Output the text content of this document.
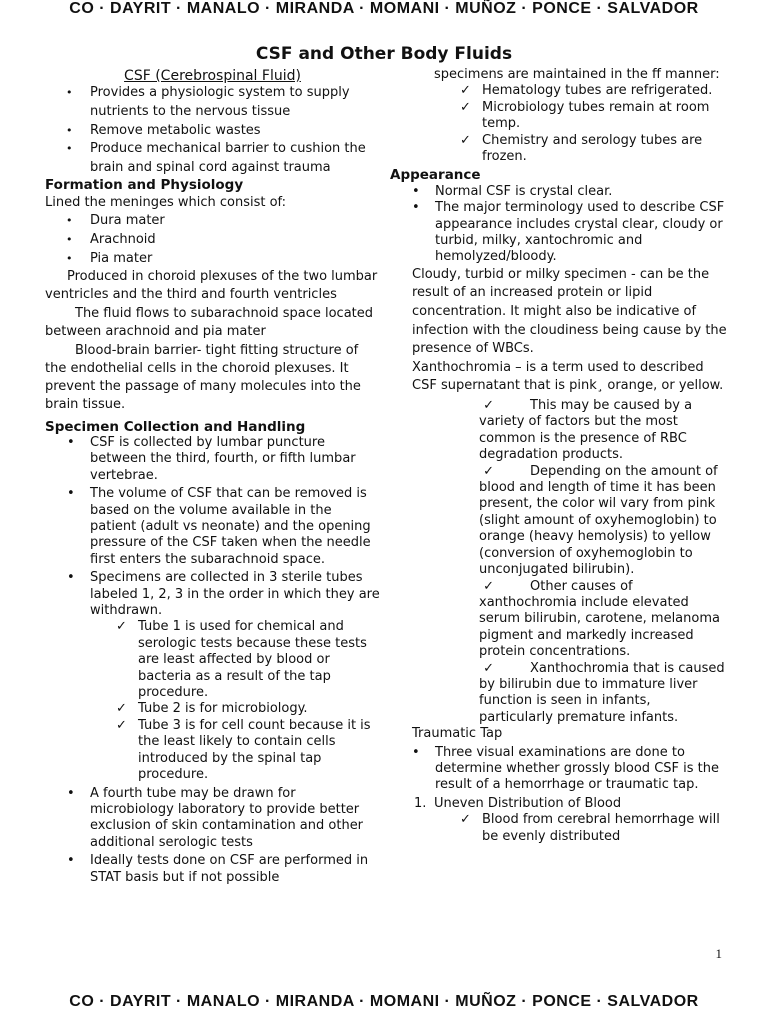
CO · DAYRIT · MANALO · MIRANDA · MOMANI · MUÑOZ · PONCE · SALVADOR
CSF and Other Body Fluids

CSF (Cerebrospinal Fluid)

• Provides a physiologic system to supply nutrients to the nervous tissue
• Remove metabolic wastes
• Produce mechanical barrier to cushion the brain and spinal cord against trauma

Formation and Physiology

Lined the meninges which consist of:

• Dura mater
• Arachnoid
• Pia mater

Produced in choroid plexuses of the two lumbar ventricles and the third and fourth ventricles

The fluid flows to subarachnoid space located between arachnoid and pia mater

Blood-brain barrier- tight fitting structure of the endothelial cells in the choroid plexuses. It prevent the passage of many molecules into the brain tissue.

Specimen Collection and Handling

• CSF is collected by lumbar puncture between the third, fourth, or fifth lumbar vertebrae.
• The volume of CSF that can be removed is based on the volume available in the patient (adult vs neonate) and the opening pressure of the CSF taken when the needle first enters the subarachnoid space.
• Specimens are collected in 3 sterile tubes labeled 1, 2, 3 in the order in which they are withdrawn.
✓ Tube 1 is used for chemical and serologic tests because these tests are least affected by blood or bacteria as a result of the tap procedure.
✓ Tube 2 is for microbiology.
✓ Tube 3 is for cell count because it is the least likely to contain cells introduced by the spinal tap procedure.
• A fourth tube may be drawn for microbiology laboratory to provide better exclusion of skin contamination and other additional serologic tests
• Ideally tests done on CSF are performed in STAT basis but if not possible

specimens are maintained in the ff manner:

✓ Hematology tubes are refrigerated.
✓ Microbiology tubes remain at room temp.
✓ Chemistry and serology tubes are frozen.

Appearance

• Normal CSF is crystal clear.
• The major terminology used to describe CSF appearance includes crystal clear, cloudy or turbid, milky, xantochromic and hemolyzed/bloody.

Cloudy, turbid or milky specimen - can be the result of an increased protein or lipid concentration. It might also be indicative of infection with the cloudiness being cause by the presence of WBCs.

Xanthochromia – is a term used to described CSF supernatant that is pink¸ orange, or yellow.

✓	This may be caused by a variety of factors but the most common is the presence of RBC degradation products.

✓	Depending on the amount of blood and length of time it has been present, the color wil vary from pink (slight amount of oxyhemoglobin) to orange (heavy hemolysis) to yellow (conversion of oxyhemoglobin to unconjugated bilirubin).

✓	Other causes of xanthochromia include elevated serum bilirubin, carotene, melanoma pigment and markedly increased protein concentrations.

✓	Xanthochromia that is caused by bilirubin due to immature liver function is seen in infants, particularly premature infants.

Traumatic Tap

• Three visual examinations are done to determine whether grossly blood CSF is the result of a hemorrhage or traumatic tap.
1. Uneven Distribution of Blood
✓ Blood from cerebral hemorrhage will be evenly distributed
1
CO · DAYRIT · MANALO · MIRANDA · MOMANI · MUÑOZ · PONCE · SALVADOR
